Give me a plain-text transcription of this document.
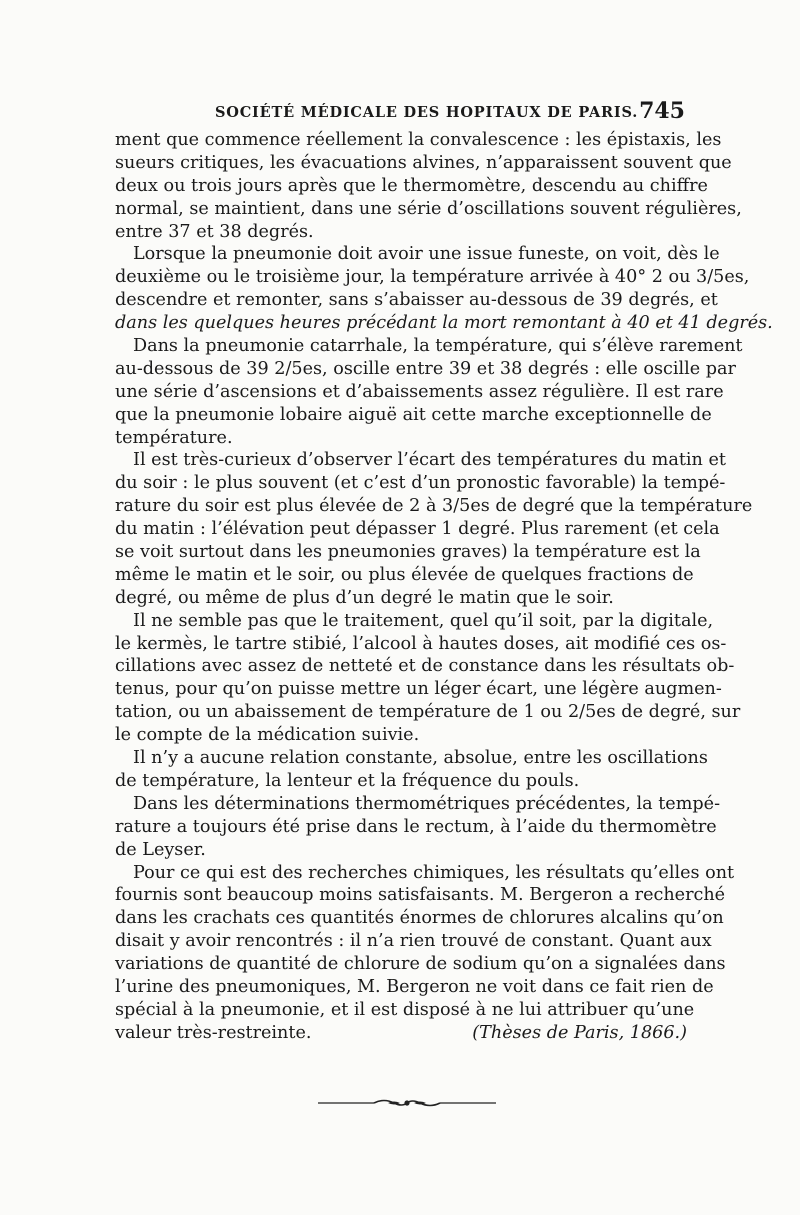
SOCIÉTÉ MÉDICALE DES HOPITAUX DE PARIS. 745
ment que commence réellement la convalescence : les épistaxis, les
sueurs critiques, les évacuations alvines, n’apparaissent souvent que
deux ou trois jours après que le thermomètre, descendu au chiffre
normal, se maintient, dans une série d’oscillations souvent régulières,
entre 37 et 38 degrés.
Lorsque la pneumonie doit avoir une issue funeste, on voit, dès le
deuxième ou le troisième jour, la température arrivée à 40° 2 ou 3/5es,
descendre et remonter, sans s’abaisser au-dessous de 39 degrés, et
dans les quelques heures précédant la mort remontant à 40 et 41 degrés.
Dans la pneumonie catarrhale, la température, qui s’élève rarement
au-dessous de 39 2/5es, oscille entre 39 et 38 degrés : elle oscille par
une série d’ascensions et d’abaissements assez régulière. Il est rare
que la pneumonie lobaire aiguë ait cette marche exceptionnelle de
température.
Il est très-curieux d’observer l’écart des températures du matin et
du soir : le plus souvent (et c’est d’un pronostic favorable) la tempé-
rature du soir est plus élevée de 2 à 3/5es de degré que la température
du matin : l’élévation peut dépasser 1 degré. Plus rarement (et cela
se voit surtout dans les pneumonies graves) la température est la
même le matin et le soir, ou plus élevée de quelques fractions de
degré, ou même de plus d’un degré le matin que le soir.
Il ne semble pas que le traitement, quel qu’il soit, par la digitale,
le kermès, le tartre stibié, l’alcool à hautes doses, ait modifié ces os-
cillations avec assez de netteté et de constance dans les résultats ob-
tenus, pour qu’on puisse mettre un léger écart, une légère augmen-
tation, ou un abaissement de température de 1 ou 2/5es de degré, sur
le compte de la médication suivie.
Il n’y a aucune relation constante, absolue, entre les oscillations
de température, la lenteur et la fréquence du pouls.
Dans les déterminations thermométriques précédentes, la tempé-
rature a toujours été prise dans le rectum, à l’aide du thermomètre
de Leyser.
Pour ce qui est des recherches chimiques, les résultats qu’elles ont
fournis sont beaucoup moins satisfaisants. M. Bergeron a recherché
dans les crachats ces quantités énormes de chlorures alcalins qu’on
disait y avoir rencontrés : il n’a rien trouvé de constant. Quant aux
variations de quantité de chlorure de sodium qu’on a signalées dans
l’urine des pneumoniques, M. Bergeron ne voit dans ce fait rien de
spécial à la pneumonie, et il est disposé à ne lui attribuer qu’une
valeur très-restreinte.	(Thèses de Paris, 1866.)
